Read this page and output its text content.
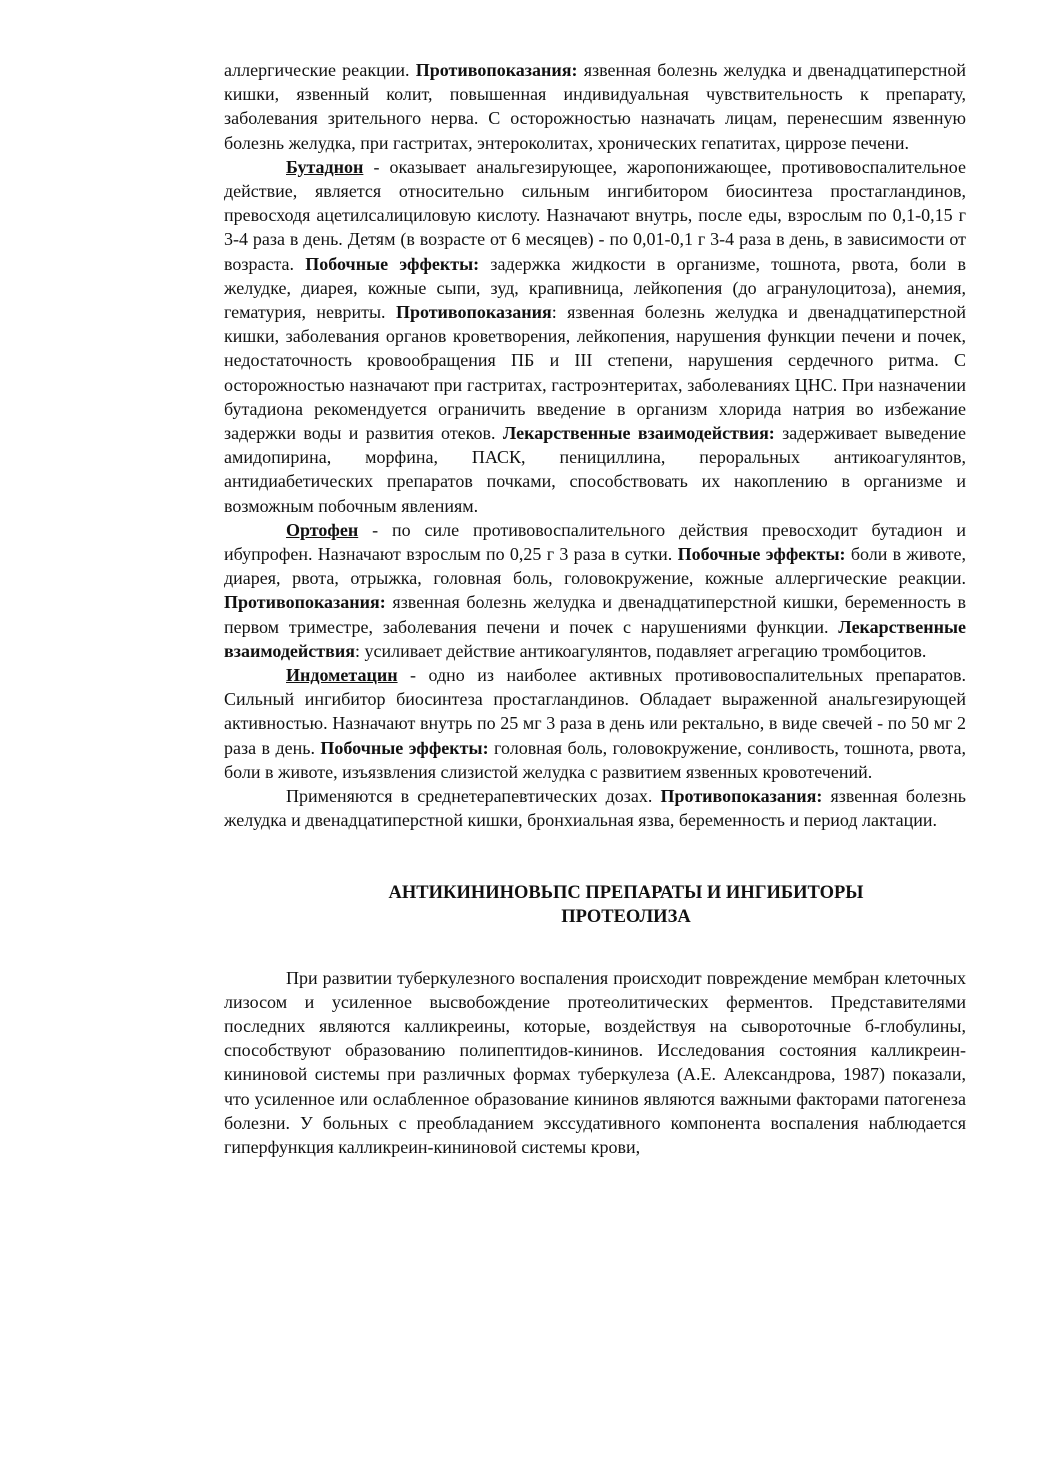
аллергические реакции. Противопоказания: язвенная болезнь желудка и двенадцатиперстной кишки, язвенный колит, повышенная индивидуальная чувствительность к препарату, заболевания зрительного нерва. С осторожностью назначать лицам, перенесшим язвенную болезнь желудка, при гастритах, энтероколитах, хронических гепатитах, циррозе печени.

Бутаднон - оказывает анальгезирующее, жаропонижающее, противовоспалительное действие, является относительно сильным ингибитором биосинтеза простагландинов, превосходя ацетилсалициловую кислоту. Назначают внутрь, после еды, взрослым по 0,1-0,15 г 3-4 раза в день. Детям (в возрасте от 6 месяцев) - по 0,01-0,1 г 3-4 раза в день, в зависимости от возраста. Побочные эффекты: задержка жидкости в организме, тошнота, рвота, боли в желудке, диарея, кожные сыпи, зуд, крапивница, лейкопения (до агранулоцитоза), анемия, гематурия, невриты. Противопоказания: язвенная болезнь желудка и двенадцатиперстной кишки, заболевания органов кроветворения, лейкопения, нарушения функции печени и почек, недостаточность кровообращения ПБ и III степени, нарушения сердечного ритма. С осторожностью назначают при гастритах, гастроэнтеритах, заболеваниях ЦНС. При назначении бутадиона рекомендуется ограничить введение в организм хлорида натрия во избежание задержки воды и развития отеков. Лекарственные взаимодействия: задерживает выведение амидопирина, морфина, ПАСК, пенициллина, пероральных антикоагулянтов, антидиабетических препаратов почками, способствовать их накоплению в организме и возможным побочным явлениям.

Ортофен - по силе противовоспалительного действия превосходит бутадион и ибупрофен. Назначают взрослым по 0,25 г 3 раза в сутки. Побочные эффекты: боли в животе, диарея, рвота, отрыжка, головная боль, головокружение, кожные аллергические реакции. Противопоказания: язвенная болезнь желудка и двенадцатиперстной кишки, беременность в первом триместре, заболевания печени и почек с нарушениями функции. Лекарственные взаимодействия: усиливает действие антикоагулянтов, подавляет агрегацию тромбоцитов.

Индометацин - одно из наиболее активных противовоспалительных препаратов. Сильный ингибитор биосинтеза простагландинов. Обладает выраженной анальгезирующей активностью. Назначают внутрь по 25 мг 3 раза в день или ректально, в виде свечей - по 50 мг 2 раза в день. Побочные эффекты: головная боль, головокружение, сонливость, тошнота, рвота, боли в животе, изъязвления слизистой желудка с развитием язвенных кровотечений.

Применяются в среднетерапевтических дозах. Противопоказания: язвенная болезнь желудка и двенадцатиперстной кишки, бронхиальная язва, беременность и период лактации.

АНТИКИНИНОВЬПС ПРЕПАРАТЫ И ИНГИБИТОРЫ
ПРОТЕОЛИЗА

При развитии туберкулезного воспаления происходит повреждение мембран клеточных лизосом и усиленное высвобождение протеолитических ферментов. Представителями последних являются калликреины, которые, воздействуя на сывороточные б-глобулины, способствуют образованию полипептидов-кининов. Исследования состояния калликреин-кининовой системы при различных формах туберкулеза (А.Е. Александрова, 1987) показали, что усиленное или ослабленное образование кининов являются важными факторами патогенеза болезни. У больных с преобладанием экссудативного компонента воспаления наблюдается гиперфункция калликреин-кининовой системы крови,
